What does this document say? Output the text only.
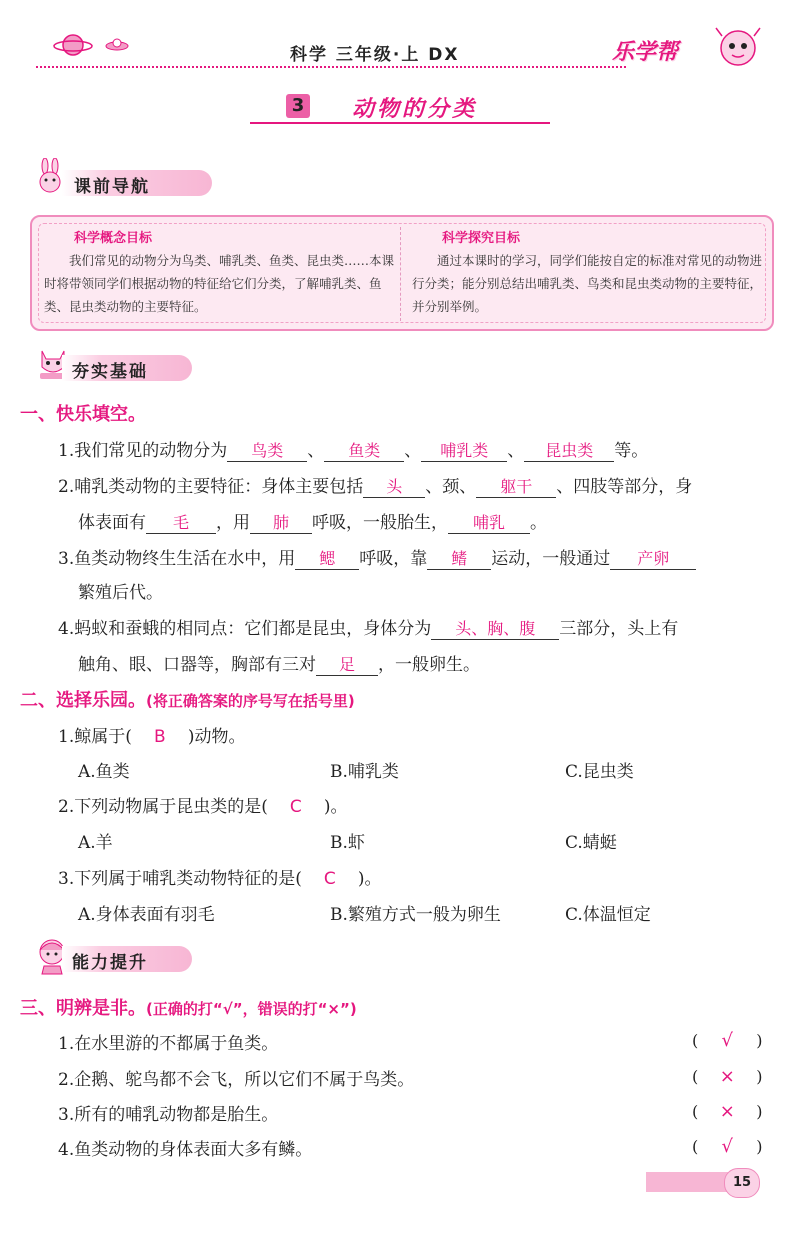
科学 三年级·上 DX	乐学帮
3 动物的分类
课前导航
科学概念目标
我们常见的动物分为鸟类、哺乳类、鱼类、昆虫类……本课时将带领同学们根据动物的特征给它们分类，了解哺乳类、鱼类、昆虫类动物的主要特征。
科学探究目标
通过本课时的学习，同学们能按自定的标准对常见的动物进行分类；能分别总结出哺乳类、鸟类和昆虫类动物的主要特征，并分别举例。
夯实基础
一、快乐填空。
1.我们常见的动物分为 鸟类 、 鱼类 、 哺乳类 、 昆虫类 等。
2.哺乳类动物的主要特征：身体主要包括 头 、颈、 躯干 、四肢等部分，身
体表面有 毛 ，用 肺 呼吸，一般胎生， 哺乳 。
3.鱼类动物终生生活在水中，用 鳃 呼吸，靠 鳍 运动，一般通过 产卵
繁殖后代。
4.蚂蚁和蚕蛾的相同点：它们都是昆虫，身体分为 头、胸、腹 三部分，头上有
触角、眼、口器等，胸部有三对 足 ，一般卵生。
二、选择乐园。(将正确答案的序号写在括号里)
1.鲸属于( B )动物。
A.鱼类	B.哺乳类	C.昆虫类
2.下列动物属于昆虫类的是( C )。
A.羊	B.虾	C.蜻蜓
3.下列属于哺乳类动物特征的是( C )。
A.身体表面有羽毛	B.繁殖方式一般为卵生	C.体温恒定
能力提升
三、明辨是非。(正确的打“√”，错误的打“×”)
1.在水里游的不都属于鱼类。	( √ )
2.企鹅、鸵鸟都不会飞，所以它们不属于鸟类。	( × )
3.所有的哺乳动物都是胎生。	( × )
4.鱼类动物的身体表面大多有鳞。	( √ )
15
